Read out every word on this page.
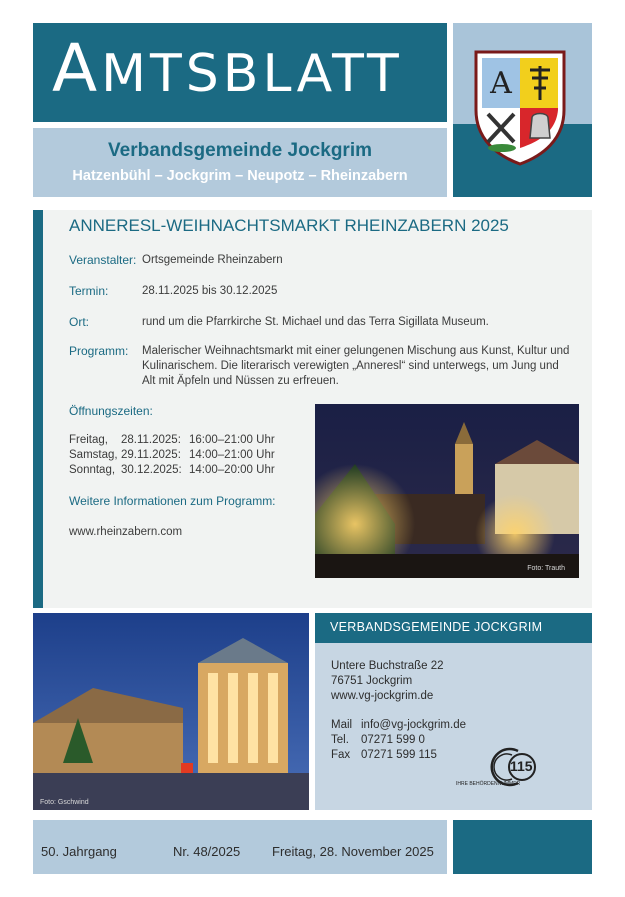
AMTSBLATT
Verbandsgemeinde Jockgrim
Hatzenbühl – Jockgrim – Neupotz – Rheinzabern
A
ANNERESL-WEIHNACHTSMARKT RHEINZABERN 2025
Veranstalter: Ortsgemeinde Rheinzabern
Termin:	28.11.2025 bis 30.12.2025
Ort:	rund um die Pfarrkirche St. Michael und das Terra Sigillata Museum.
Programm: Malerischer Weihnachtsmarkt mit einer gelungenen Mischung aus Kunst, Kultur und Kulinarischem. Die literarisch verewigten „Anneresl“ sind unterwegs, um Jung und Alt mit Äpfeln und Nüssen zu erfreuen.
Öffnungszeiten:
Freitag, 28.11.2025: 16:00–21:00 Uhr
Samstag, 29.11.2025: 14:00–21:00 Uhr
Sonntag, 30.12.2025: 14:00–20:00 Uhr
Weitere Informationen zum Programm:
www.rheinzabern.com
Foto: Trauth
Foto: Gschwind
VERBANDSGEMEINDE JOCKGRIM
Untere Buchstraße 22
76751 Jockgrim
www.vg-jockgrim.de
Mail info@vg-jockgrim.de
Tel. 07271 599 0
Fax 07271 599 115
115
IHRE BEHÖRDENNUMMER
50. Jahrgang	Nr. 48/2025 Freitag, 28. November 2025
